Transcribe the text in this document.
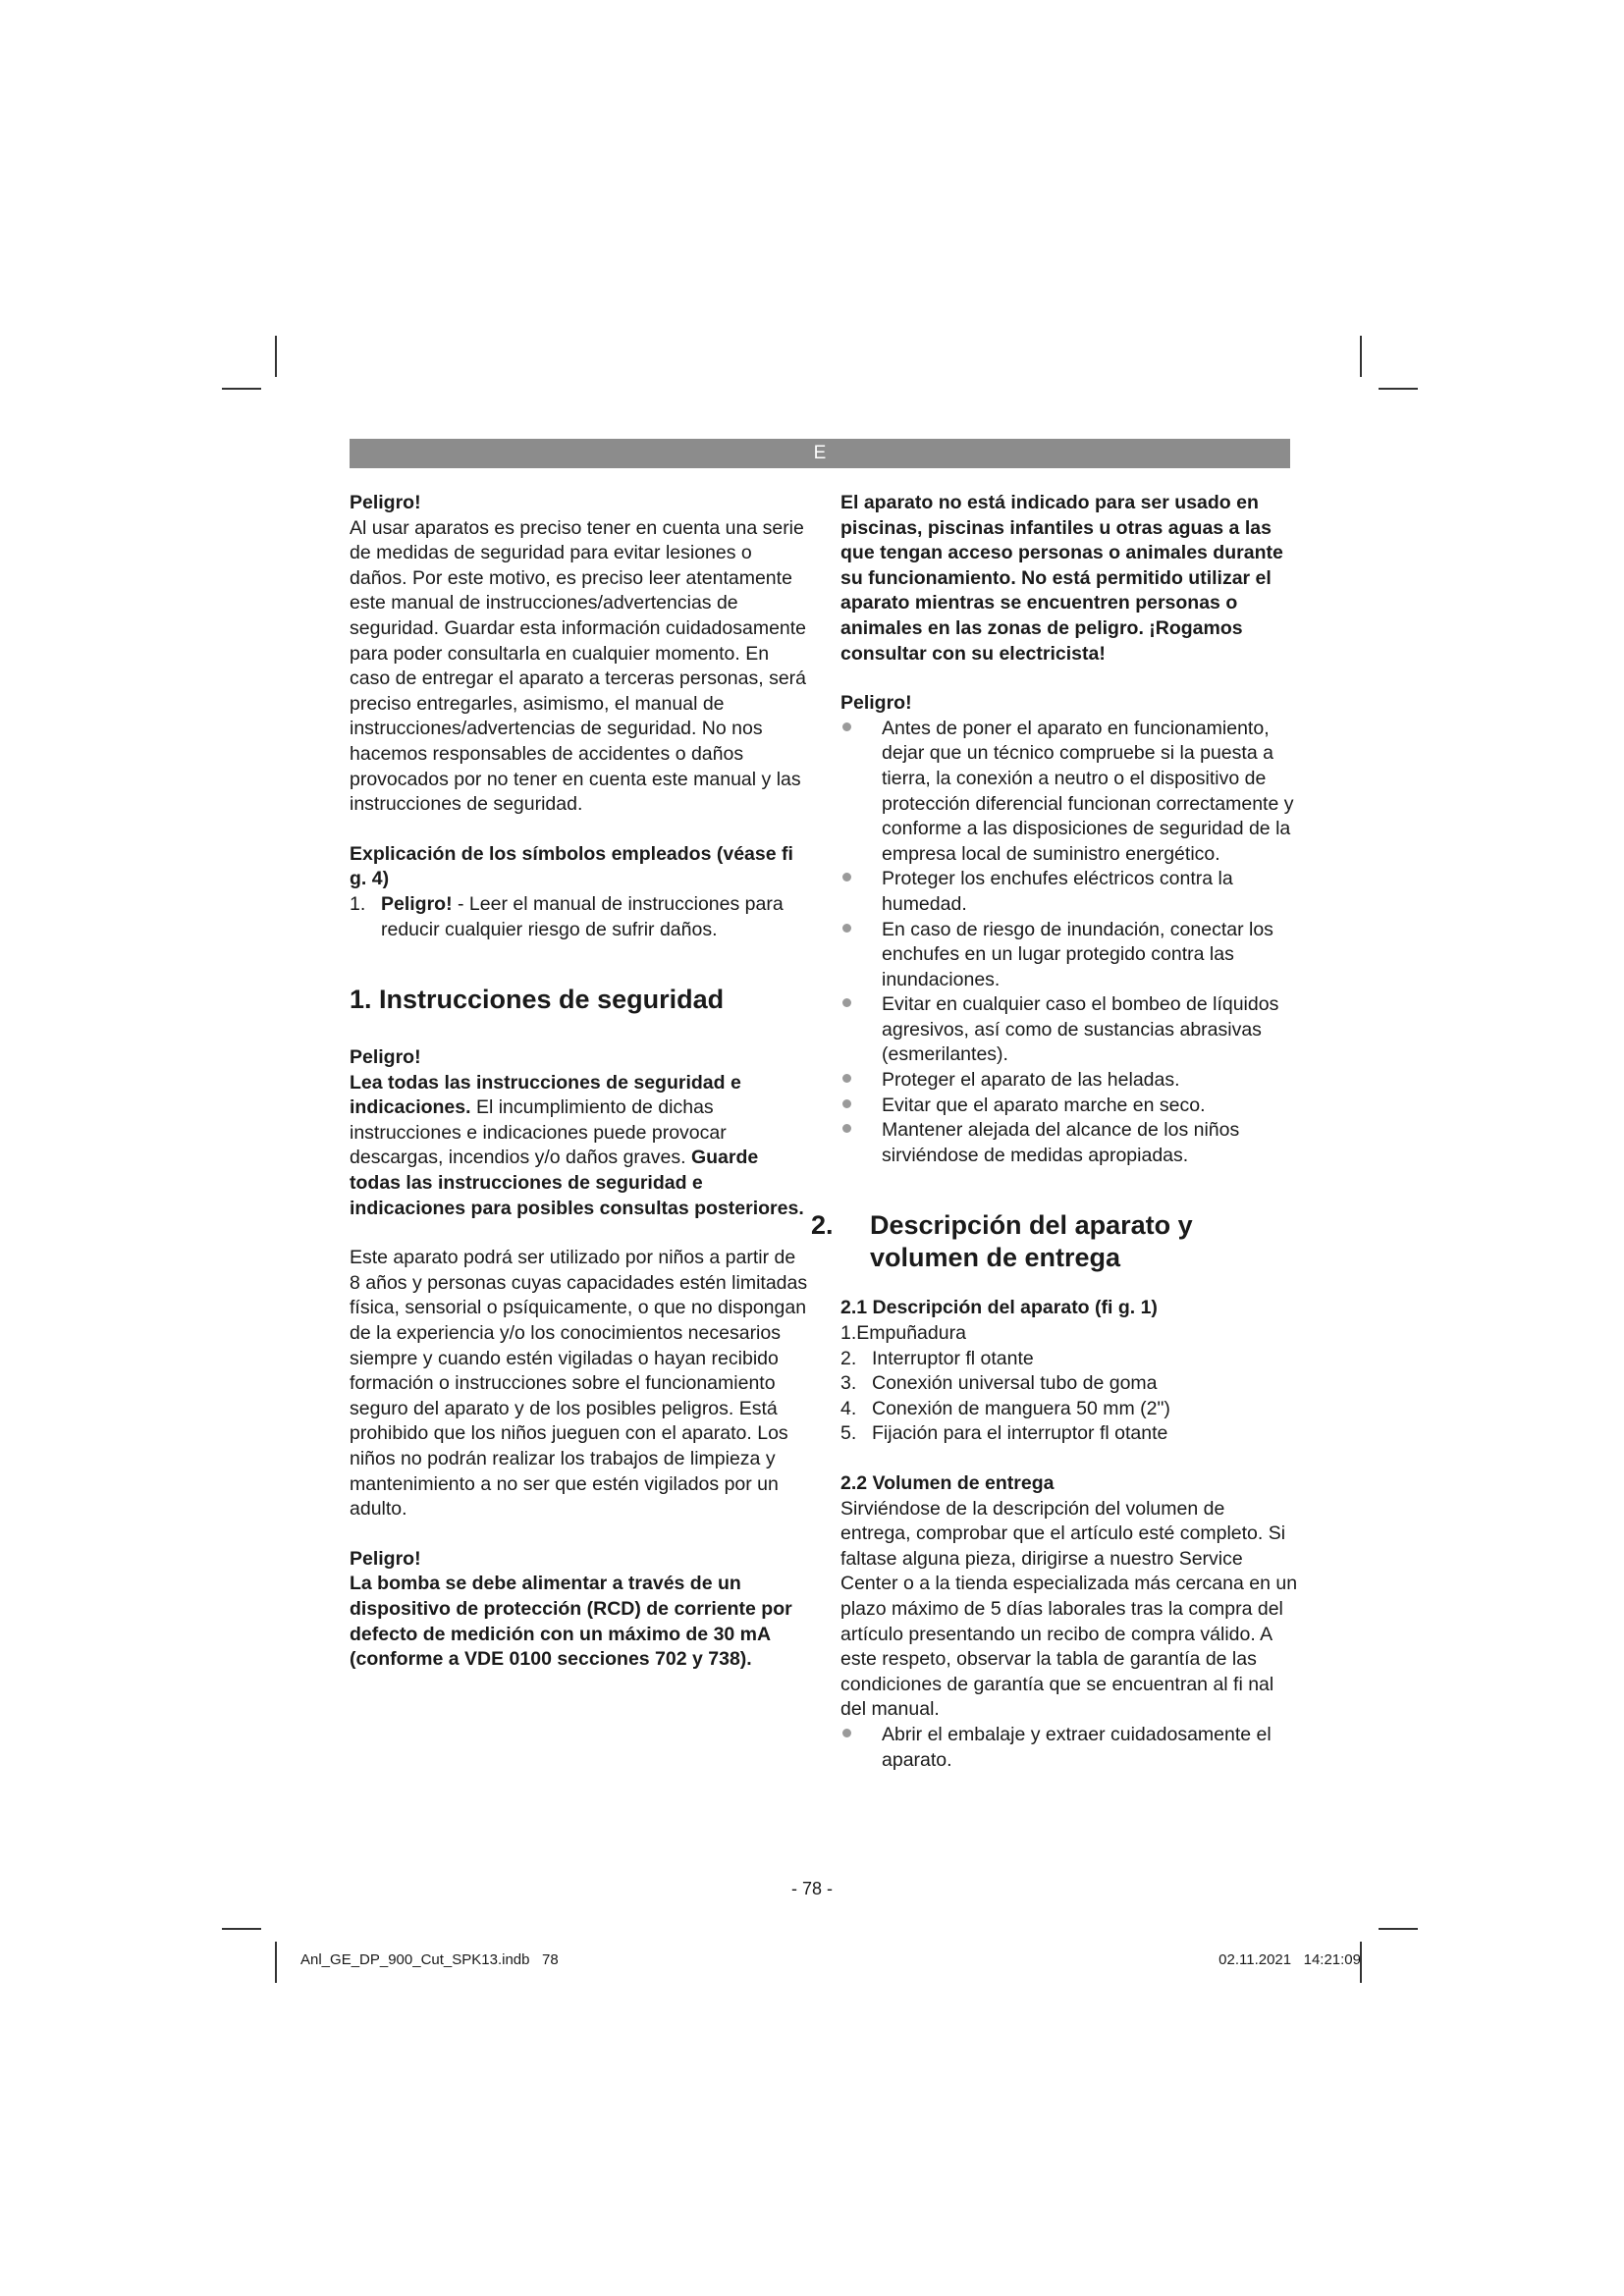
E

Peligro!

Al usar aparatos es preciso tener en cuenta una serie de medidas de seguridad para evitar lesiones o daños. Por este motivo, es preciso leer atentamente este manual de instrucciones/advertencias de seguridad. Guardar esta información cuidadosamente para poder consultarla en cualquier momento. En caso de entregar el aparato a terceras personas, será preciso entregarles, asimismo, el manual de instrucciones/advertencias de seguridad. No nos hacemos responsables de accidentes o daños provocados por no tener en cuenta este manual y las instrucciones de seguridad.

Explicación de los símbolos empleados (véase fi g. 4)

1. Peligro! - Leer el manual de instrucciones para reducir cualquier riesgo de sufrir daños.

1. Instrucciones de seguridad

Peligro!

Lea todas las instrucciones de seguridad e indicaciones. El incumplimiento de dichas instrucciones e indicaciones puede provocar descargas, incendios y/o daños graves. Guarde todas las instrucciones de seguridad e indicaciones para posibles consultas posteriores.

Este aparato podrá ser utilizado por niños a partir de 8 años y personas cuyas capacidades estén limitadas física, sensorial o psíquicamente, o que no dispongan de la experiencia y/o los conocimientos necesarios siempre y cuando estén vigiladas o hayan recibido formación o instrucciones sobre el funcionamiento seguro del aparato y de los posibles peligros. Está prohibido que los niños jueguen con el aparato. Los niños no podrán realizar los trabajos de limpieza y mantenimiento a no ser que estén vigilados por un adulto.

Peligro!

La bomba se debe alimentar a través de un dispositivo de protección (RCD) de corriente por defecto de medición con un máximo de 30 mA (conforme a VDE 0100 secciones 702 y 738).

El aparato no está indicado para ser usado en piscinas, piscinas infantiles u otras aguas a las que tengan acceso personas o animales durante su funcionamiento. No está permitido utilizar el aparato mientras se encuentren personas o animales en las zonas de peligro. ¡Rogamos consultar con su electricista!

Peligro!

Antes de poner el aparato en funcionamiento, dejar que un técnico compruebe si la puesta a tierra, la conexión a neutro o el dispositivo de protección diferencial funcionan correctamente y conforme a las disposiciones de seguridad de la empresa local de suministro energético.
Proteger los enchufes eléctricos contra la humedad.
En caso de riesgo de inundación, conectar los enchufes en un lugar protegido contra las inundaciones.
Evitar en cualquier caso el bombeo de líquidos agresivos, así como de sustancias abrasivas (esmerilantes).
Proteger el aparato de las heladas.
Evitar que el aparato marche en seco.
Mantener alejada del alcance de los niños sirviéndose de medidas apropiadas.

2. Descripción del aparato y volumen de entrega

2.1 Descripción del aparato (fi g. 1)

1.Empuñadura

2. Interruptor fl otante
3. Conexión universal tubo de goma
4. Conexión de manguera 50 mm (2")
5. Fijación para el interruptor fl otante

2.2 Volumen de entrega

Sirviéndose de la descripción del volumen de entrega, comprobar que el artículo esté completo. Si faltase alguna pieza, dirigirse a nuestro Service Center o a la tienda especializada más cercana en un plazo máximo de 5 días laborales tras la compra del artículo presentando un recibo de compra válido. A este respeto, observar la tabla de garantía de las condiciones de garantía que se encuentran al fi nal del manual.

Abrir el embalaje y extraer cuidadosamente el aparato.
- 78 -
Anl_GE_DP_900_Cut_SPK13.indb   78	02.11.2021   14:21:09
